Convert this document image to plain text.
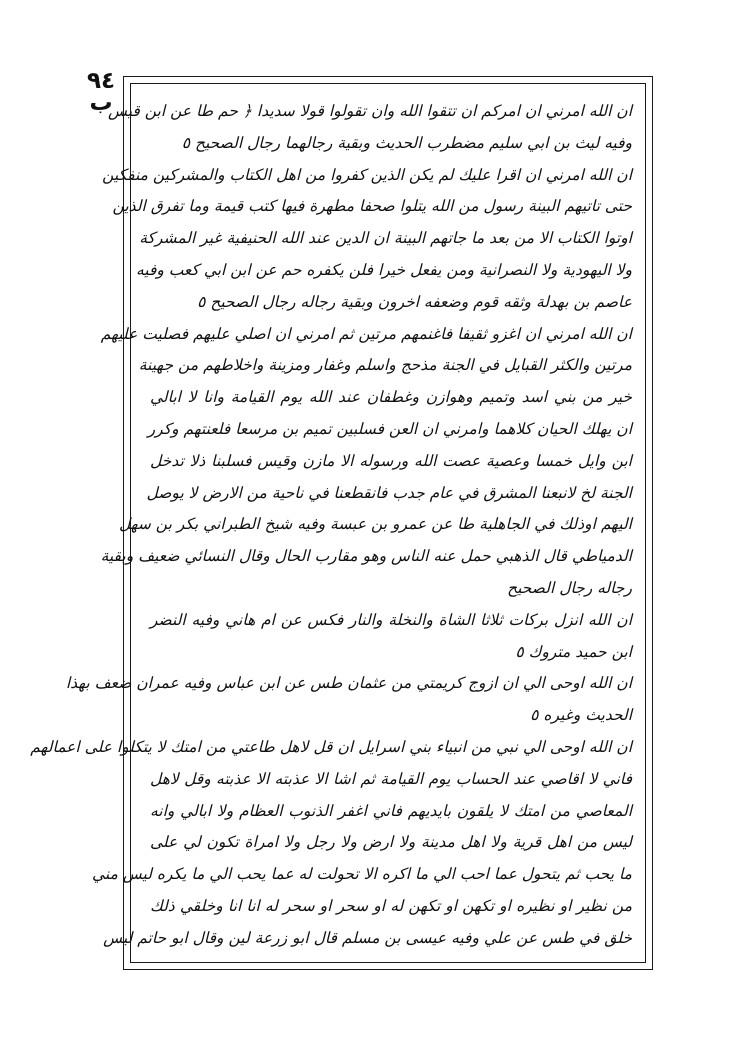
٩٤ ب
ان الله امرني ان امركم ان تتقوا الله وان تقولوا قولا سديدا ﴿ حم طا عن ابن قيس
وفيه ليث بن ابي سليم مضطرب الحديث وبقية رجالهما رجال الصحيح ٥
ان الله امرني ان اقرا عليك لم يكن الذين كفروا من اهل الكتاب والمشركين منفكين
حتى تاتيهم البينة رسول من الله يتلوا صحفا مطهرة فيها كتب قيمة وما تفرق الذين
اوتوا الكتاب الا من بعد ما جاتهم البينة ان الدين عند الله الحنيفية غير المشركة
ولا اليهودية ولا النصرانية ومن يفعل خيرا فلن يكفره حم عن ابن ابي كعب وفيه
عاصم بن بهدلة وثقه قوم وضعفه اخرون وبقية رجاله رجال الصحيح ٥
ان الله امرني ان اغزو ثقيفا فاغنمهم مرتين ثم امرني ان اصلي عليهم فصليت عليهم
مرتين والكثر القبايل في الجنة مذحج واسلم وغفار ومزينة واخلاطهم من جهينة
خير من بني اسد وتميم وهوازن وغطفان عند الله يوم القيامة وانا لا ابالي
ان يهلك الحيان كلاهما وامرني ان العن فسلبين تميم بن مرسعا فلعنتهم وكرر
ابن وايل خمسا وعصية عصت الله ورسوله الا مازن وقيس فسلبنا ذلا تدخل
الجنة لخ لانبعنا المشرق في عام جدب فانقطعنا في ناحية من الارض لا يوصل
اليهم اوذلك في الجاهلية طا عن عمرو بن عبسة وفيه شيخ الطبراني بكر بن سهل
الدمياطي قال الذهبي حمل عنه الناس وهو مقارب الحال وقال النسائي ضعيف وبقية
رجاله رجال الصحيح
ان الله انزل بركات ثلاثا الشاة والنخلة والنار فكس عن ام هاني وفيه النضر
ابن حميد متروك ٥
ان الله اوحى الي ان ازوج كريمتي من عثمان طس عن ابن عباس وفيه عمران ضعف بهذا
الحديث وغيره ٥
ان الله اوحى الي نبي من انبياء بني اسرايل ان قل لاهل طاعتي من امتك لا يتكلوا على اعمالهم
فاني لا اقاصي عند الحساب يوم القيامة ثم اشا الا عذبته الا عذبته وقل لاهل
المعاصي من امتك لا يلقون بايديهم فاني اغفر الذنوب العظام ولا ابالي وانه
ليس من اهل قرية ولا اهل مدينة ولا ارض ولا رجل ولا امراة تكون لي على
ما يحب ثم يتحول عما احب الي ما اكره الا تحولت له عما يحب الي ما يكره ليس مني
من نظير او نظيره او تكهن او تكهن له او سحر او سحر له انا انا وخلقي ذلك
خلق في طس عن علي وفيه عيسى بن مسلم قال ابو زرعة لين وقال ابو حاتم ليس
